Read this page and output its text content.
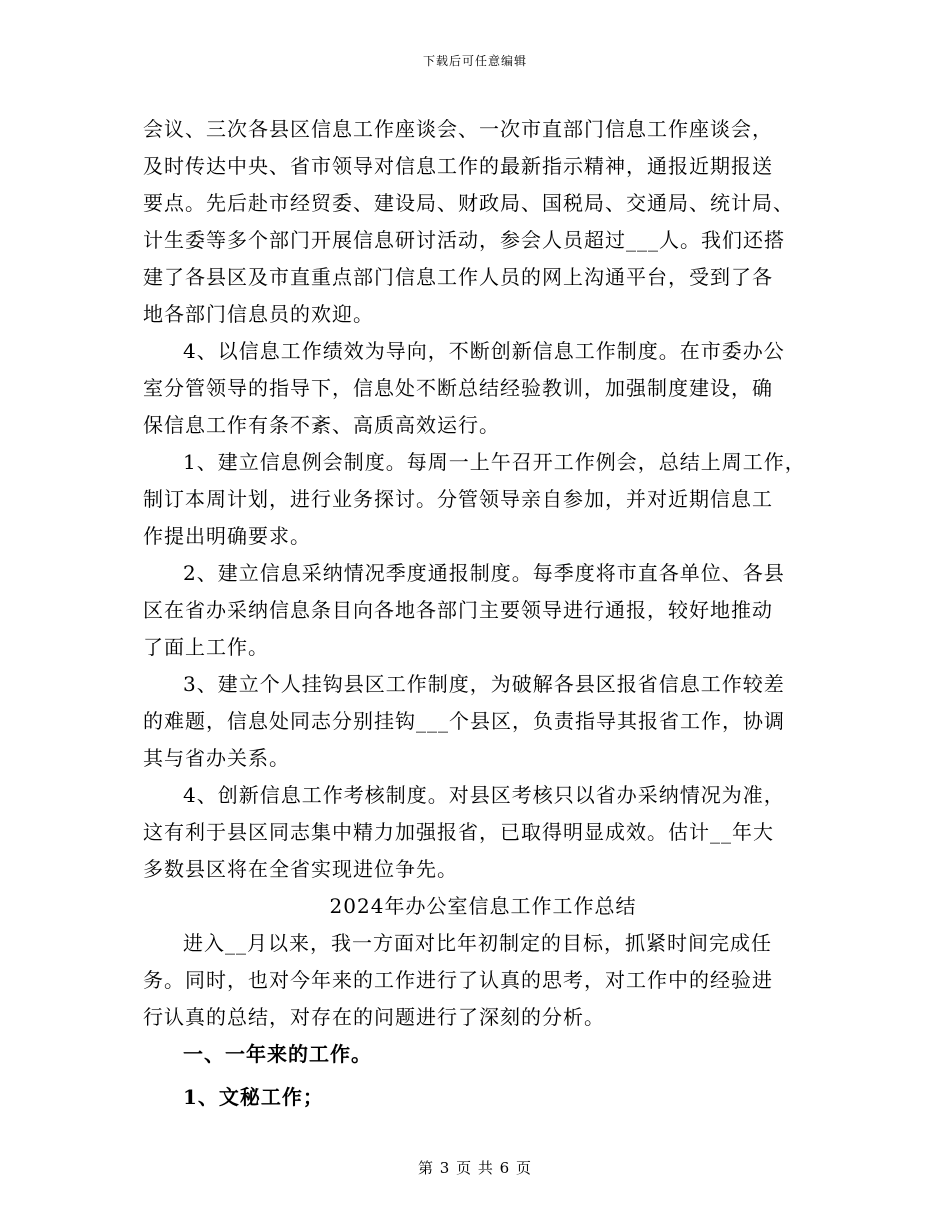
下载后可任意编辑

会议、三次各县区信息工作座谈会、一次市直部门信息工作座谈会，
及时传达中央、省市领导对信息工作的最新指示精神，通报近期报送
要点。先后赴市经贸委、建设局、财政局、国税局、交通局、统计局、
计生委等多个部门开展信息研讨活动，参会人员超过___人。我们还搭
建了各县区及市直重点部门信息工作人员的网上沟通平台，受到了各
地各部门信息员的欢迎。

4、以信息工作绩效为导向，不断创新信息工作制度。在市委办公
室分管领导的指导下，信息处不断总结经验教训，加强制度建设，确
保信息工作有条不紊、高质高效运行。

1、建立信息例会制度。每周一上午召开工作例会，总结上周工作，
制订本周计划，进行业务探讨。分管领导亲自参加，并对近期信息工
作提出明确要求。

2、建立信息采纳情况季度通报制度。每季度将市直各单位、各县
区在省办采纳信息条目向各地各部门主要领导进行通报，较好地推动
了面上工作。

3、建立个人挂钩县区工作制度，为破解各县区报省信息工作较差
的难题，信息处同志分别挂钩___个县区，负责指导其报省工作，协调
其与省办关系。

4、创新信息工作考核制度。对县区考核只以省办采纳情况为准，
这有利于县区同志集中精力加强报省，已取得明显成效。估计__年大
多数县区将在全省实现进位争先。

2024年办公室信息工作工作总结

进入__月以来，我一方面对比年初制定的目标，抓紧时间完成任
务。同时，也对今年来的工作进行了认真的思考，对工作中的经验进
行认真的总结，对存在的问题进行了深刻的分析。

一、一年来的工作。

1、文秘工作；

第 3 页 共 6 页
